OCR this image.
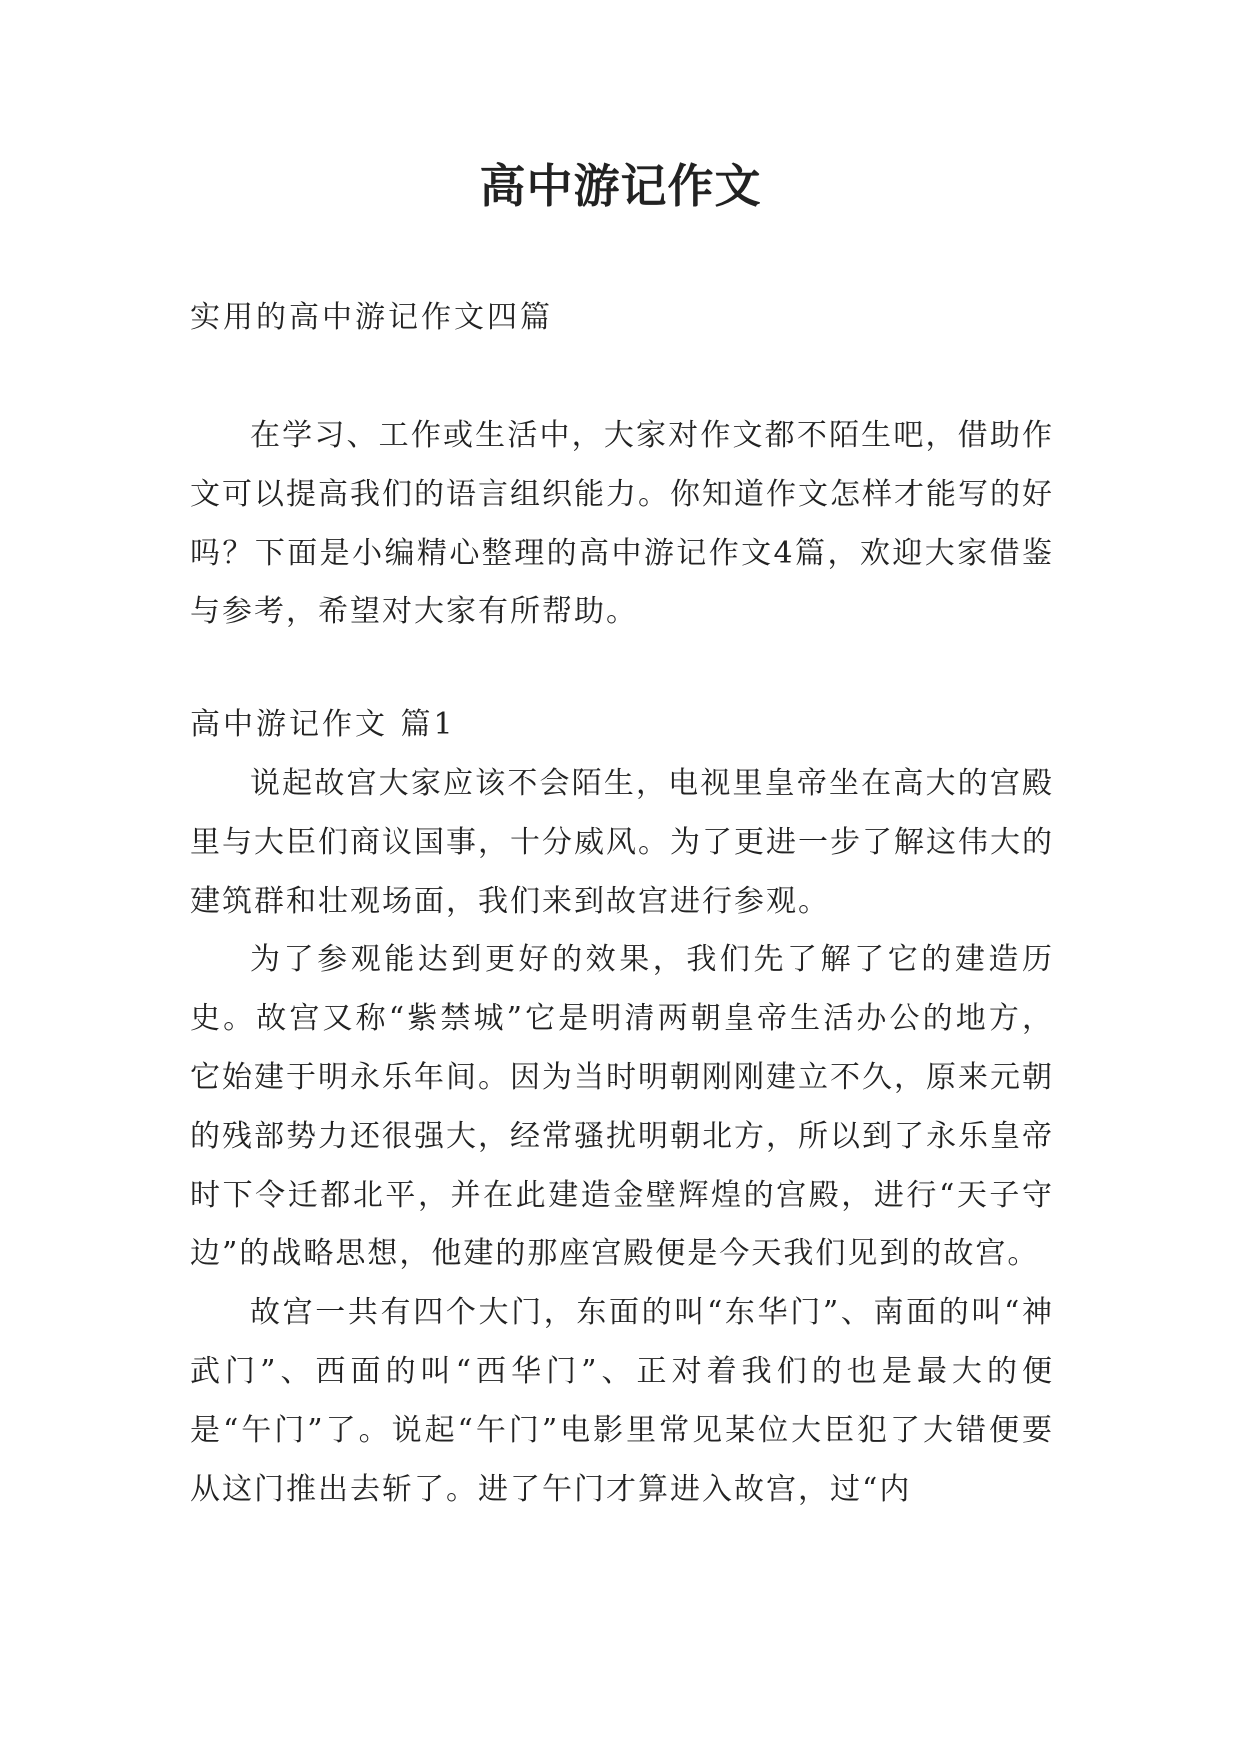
高中游记作文
实用的高中游记作文四篇

在学习、工作或生活中，大家对作文都不陌生吧，借助作文可以提高我们的语言组织能力。你知道作文怎样才能写的好吗？下面是小编精心整理的高中游记作文4篇，欢迎大家借鉴与参考，希望对大家有所帮助。

高中游记作文 篇1

说起故宫大家应该不会陌生，电视里皇帝坐在高大的宫殿里与大臣们商议国事，十分威风。为了更进一步了解这伟大的建筑群和壮观场面，我们来到故宫进行参观。

为了参观能达到更好的效果，我们先了解了它的建造历史。故宫又称“紫禁城”它是明清两朝皇帝生活办公的地方，它始建于明永乐年间。因为当时明朝刚刚建立不久，原来元朝的残部势力还很强大，经常骚扰明朝北方，所以到了永乐皇帝时下令迁都北平，并在此建造金壁辉煌的宫殿，进行“天子守边”的战略思想，他建的那座宫殿便是今天我们见到的故宫。

故宫一共有四个大门，东面的叫“东华门”、南面的叫“神武门”、西面的叫“西华门”、正对着我们的也是最大的便是“午门”了。说起“午门”电影里常见某位大臣犯了大错便要从这门推出去斩了。进了午门才算进入故宫，过“内
